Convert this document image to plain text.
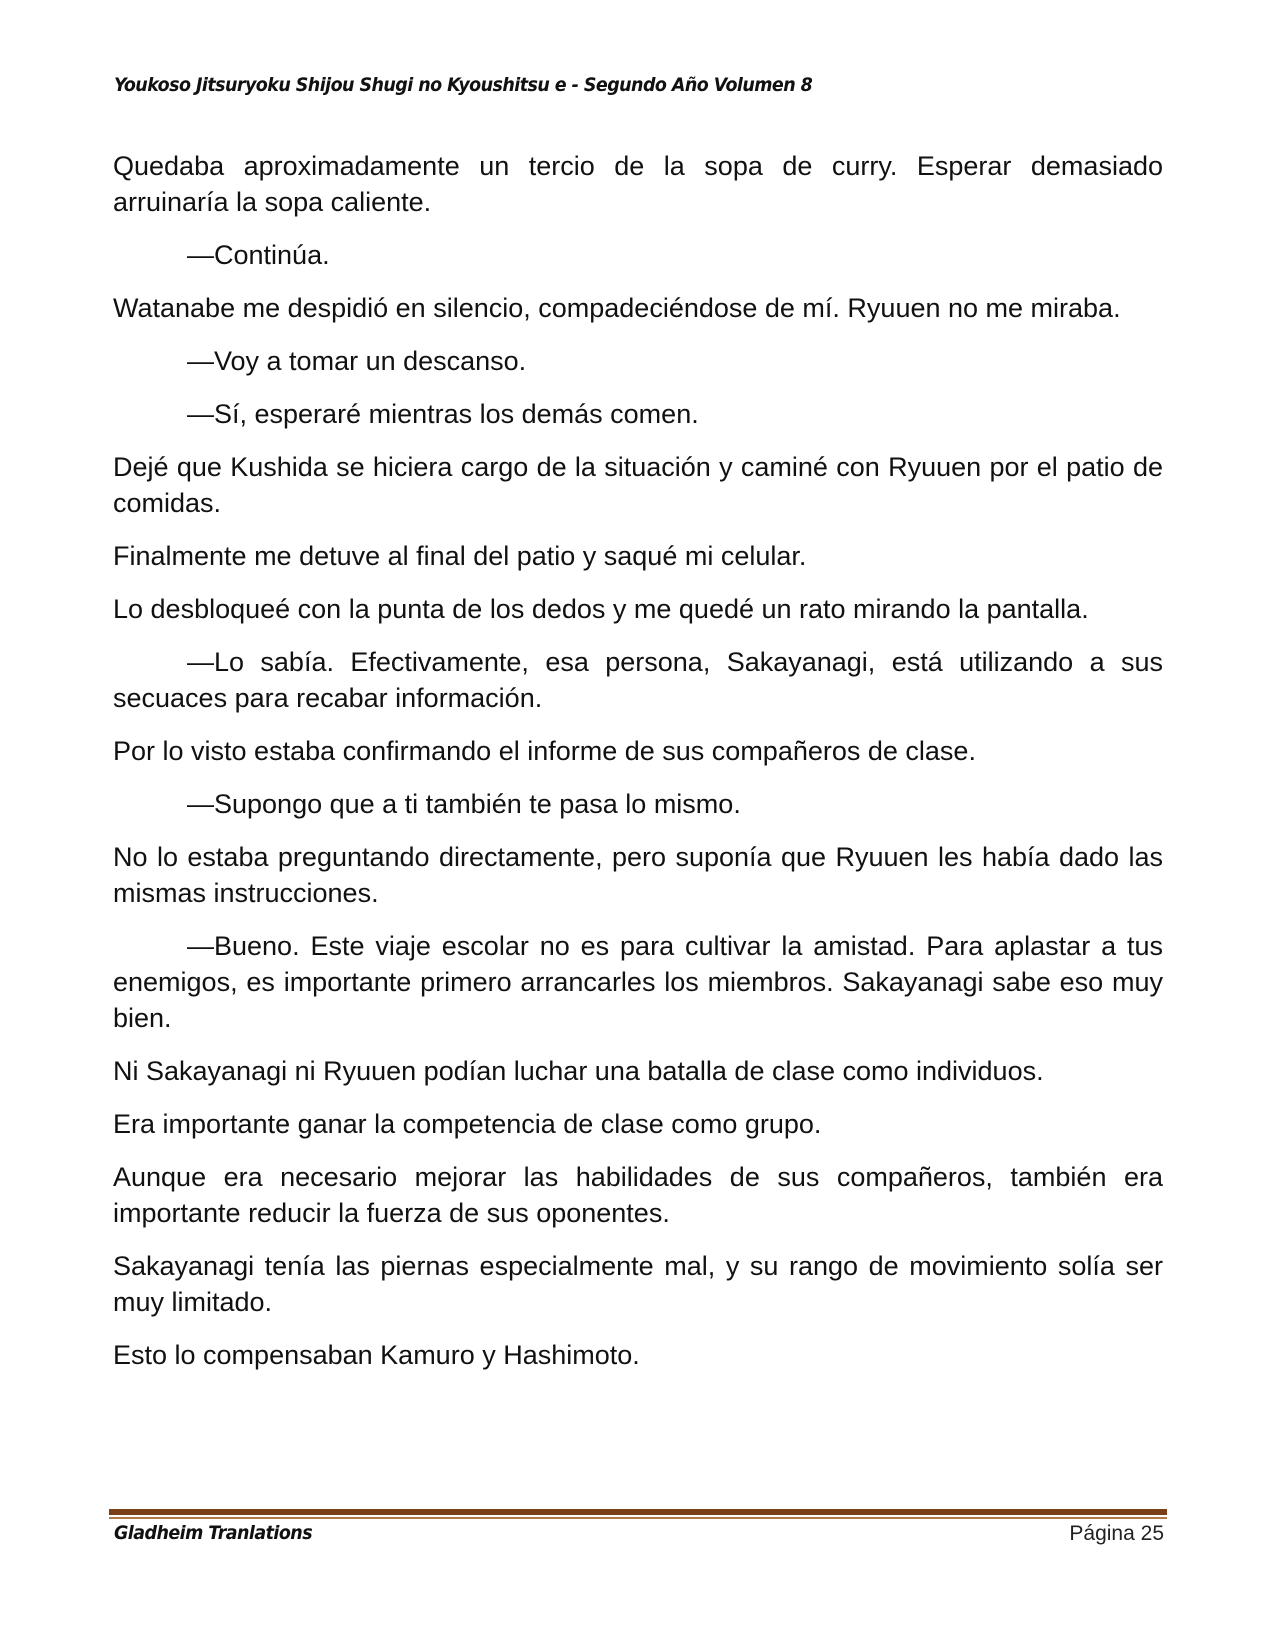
Youkoso Jitsuryoku Shijou Shugi no Kyoushitsu e - Segundo Año Volumen 8

Quedaba aproximadamente un tercio de la sopa de curry. Esperar demasiado arruinaría la sopa caliente.

—Continúa.

Watanabe me despidió en silencio, compadeciéndose de mí. Ryuuen no me miraba.

—Voy a tomar un descanso.

—Sí, esperaré mientras los demás comen.

Dejé que Kushida se hiciera cargo de la situación y caminé con Ryuuen por el patio de comidas.

Finalmente me detuve al final del patio y saqué mi celular.

Lo desbloqueé con la punta de los dedos y me quedé un rato mirando la pantalla.

—Lo sabía. Efectivamente, esa persona, Sakayanagi, está utilizando a sus secuaces para recabar información.

Por lo visto estaba confirmando el informe de sus compañeros de clase.

—Supongo que a ti también te pasa lo mismo.

No lo estaba preguntando directamente, pero suponía que Ryuuen les había dado las mismas instrucciones.

—Bueno. Este viaje escolar no es para cultivar la amistad. Para aplastar a tus enemigos, es importante primero arrancarles los miembros. Sakayanagi sabe eso muy bien.

Ni Sakayanagi ni Ryuuen podían luchar una batalla de clase como individuos.

Era importante ganar la competencia de clase como grupo.

Aunque era necesario mejorar las habilidades de sus compañeros, también era importante reducir la fuerza de sus oponentes.

Sakayanagi tenía las piernas especialmente mal, y su rango de movimiento solía ser muy limitado.

Esto lo compensaban Kamuro y Hashimoto.

Gladheim Tranlations	Página 25
